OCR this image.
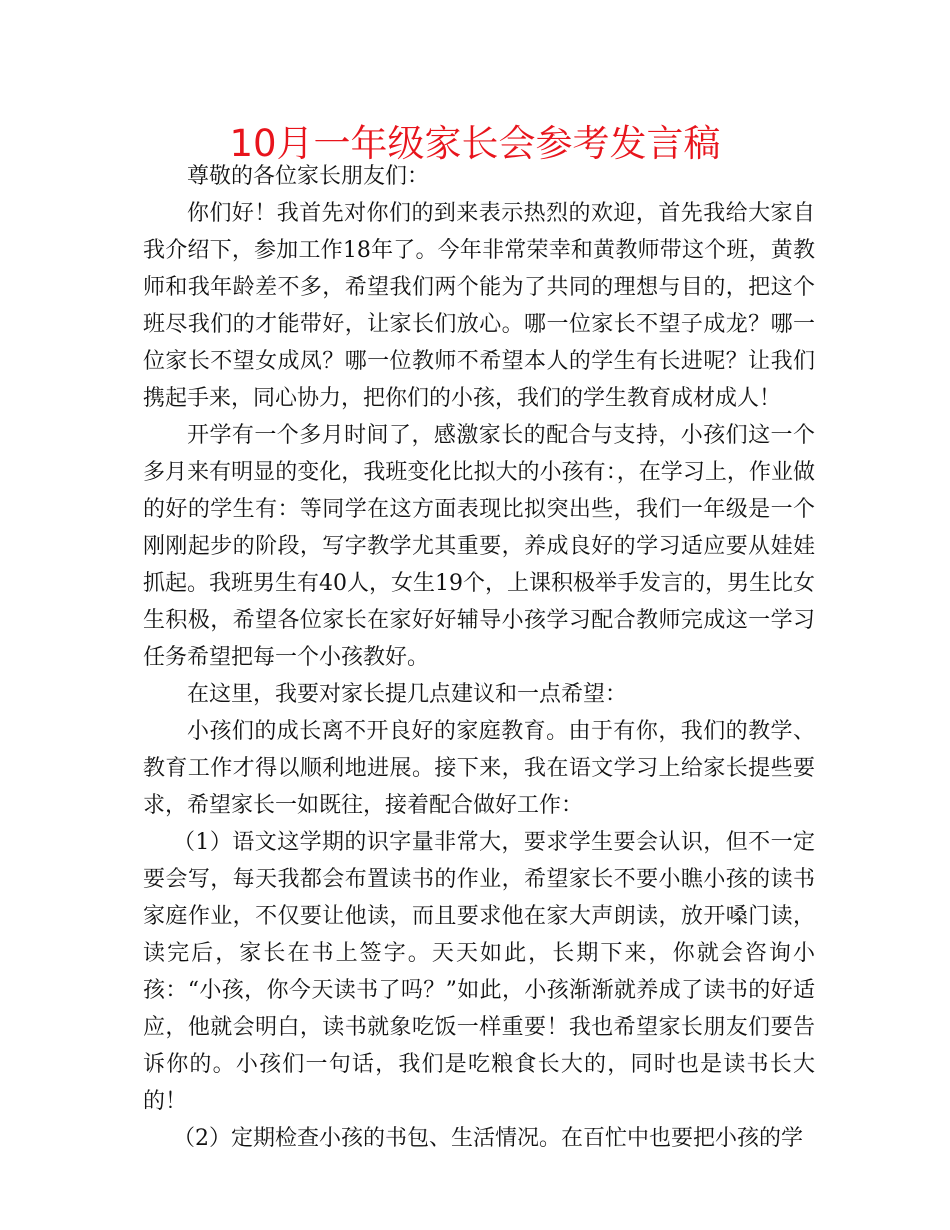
10月一年级家长会参考发言稿

尊敬的各位家长朋友们：

你们好！我首先对你们的到来表示热烈的欢迎，首先我给大家自我介绍下，参加工作18年了。今年非常荣幸和黄教师带这个班，黄教师和我年龄差不多，希望我们两个能为了共同的理想与目的，把这个班尽我们的才能带好，让家长们放心。哪一位家长不望子成龙？哪一位家长不望女成凤？哪一位教师不希望本人的学生有长进呢？让我们携起手来，同心协力，把你们的小孩，我们的学生教育成材成人！

开学有一个多月时间了，感激家长的配合与支持，小孩们这一个多月来有明显的变化，我班变化比拟大的小孩有：，在学习上，作业做的好的学生有：等同学在这方面表现比拟突出些，我们一年级是一个刚刚起步的阶段，写字教学尤其重要，养成良好的学习适应要从娃娃抓起。我班男生有40人，女生19个，上课积极举手发言的，男生比女生积极，希望各位家长在家好好辅导小孩学习配合教师完成这一学习任务希望把每一个小孩教好。

在这里，我要对家长提几点建议和一点希望：

小孩们的成长离不开良好的家庭教育。由于有你，我们的教学、教育工作才得以顺利地进展。接下来，我在语文学习上给家长提些要求，希望家长一如既往，接着配合做好工作：

（1）语文这学期的识字量非常大，要求学生要会认识，但不一定要会写，每天我都会布置读书的作业，希望家长不要小瞧小孩的读书家庭作业，不仅要让他读，而且要求他在家大声朗读，放开嗓门读，读完后，家长在书上签字。天天如此，长期下来，你就会咨询小孩：“小孩，你今天读书了吗？”如此，小孩渐渐就养成了读书的好适应，他就会明白，读书就象吃饭一样重要！我也希望家长朋友们要告诉你的。小孩们一句话，我们是吃粮食长大的，同时也是读书长大的！

（2）定期检查小孩的书包、生活情况。在百忙中也要把小孩的学
